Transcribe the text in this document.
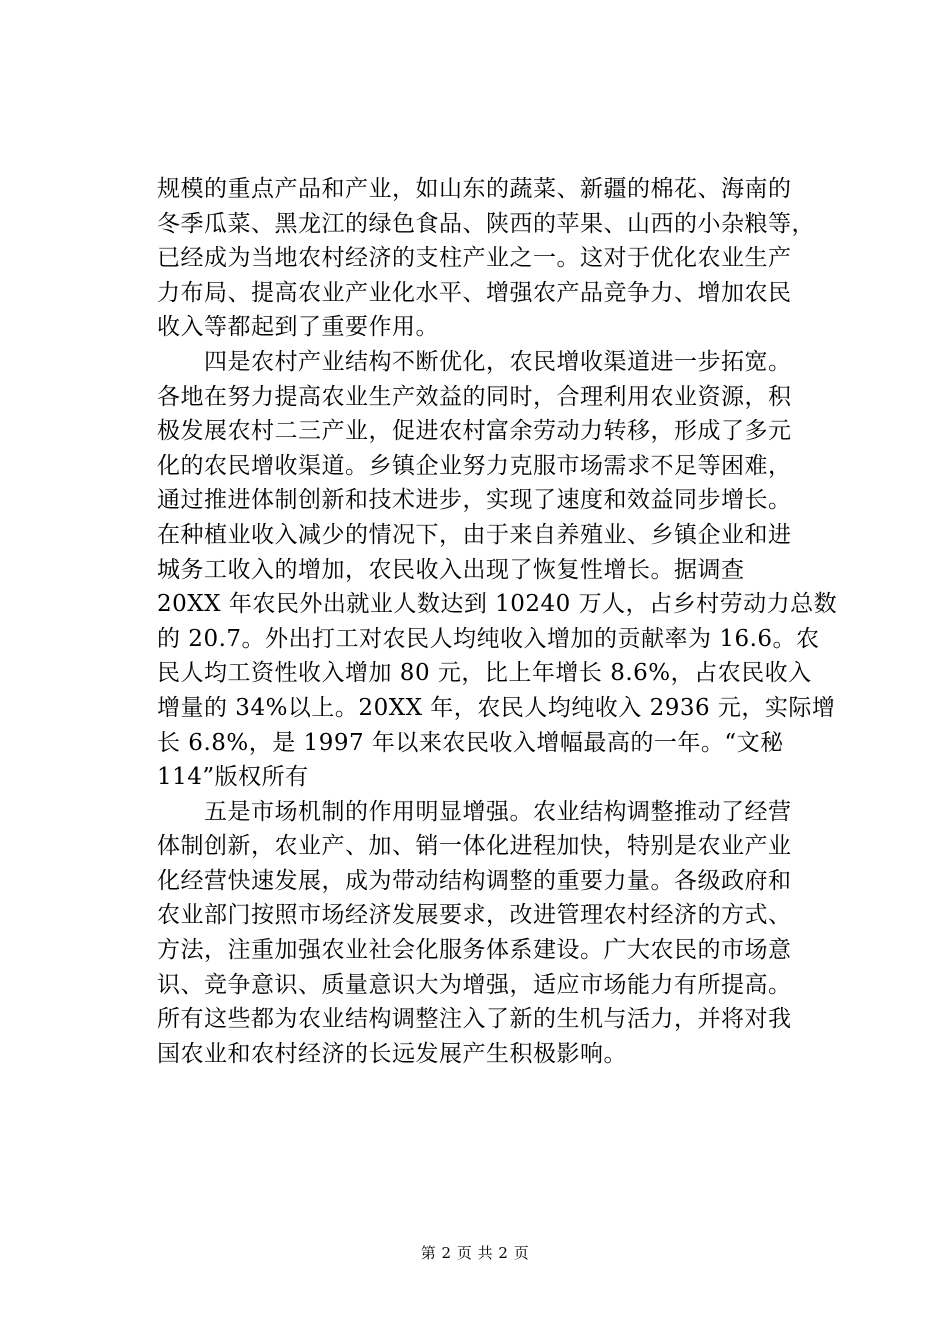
规模的重点产品和产业，如山东的蔬菜、新疆的棉花、海南的
冬季瓜菜、黑龙江的绿色食品、陕西的苹果、山西的小杂粮等，
已经成为当地农村经济的支柱产业之一。这对于优化农业生产
力布局、提高农业产业化水平、增强农产品竞争力、增加农民
收入等都起到了重要作用。
　　四是农村产业结构不断优化，农民增收渠道进一步拓宽。
各地在努力提高农业生产效益的同时，合理利用农业资源，积
极发展农村二三产业，促进农村富余劳动力转移，形成了多元
化的农民增收渠道。乡镇企业努力克服市场需求不足等困难，
通过推进体制创新和技术进步，实现了速度和效益同步增长。
在种植业收入减少的情况下，由于来自养殖业、乡镇企业和进
城务工收入的增加，农民收入出现了恢复性增长。据调查
20XX 年农民外出就业人数达到 10240 万人，占乡村劳动力总数
的 20.7。外出打工对农民人均纯收入增加的贡献率为 16.6。农
民人均工资性收入增加 80 元，比上年增长 8.6%，占农民收入
增量的 34%以上。20XX 年，农民人均纯收入 2936 元，实际增
长 6.8%，是 1997 年以来农民收入增幅最高的一年。“文秘
114”版权所有
　　五是市场机制的作用明显增强。农业结构调整推动了经营
体制创新，农业产、加、销一体化进程加快，特别是农业产业
化经营快速发展，成为带动结构调整的重要力量。各级政府和
农业部门按照市场经济发展要求，改进管理农村经济的方式、
方法，注重加强农业社会化服务体系建设。广大农民的市场意
识、竞争意识、质量意识大为增强，适应市场能力有所提高。
所有这些都为农业结构调整注入了新的生机与活力，并将对我
国农业和农村经济的长远发展产生积极影响。
第 2 页 共 2 页
